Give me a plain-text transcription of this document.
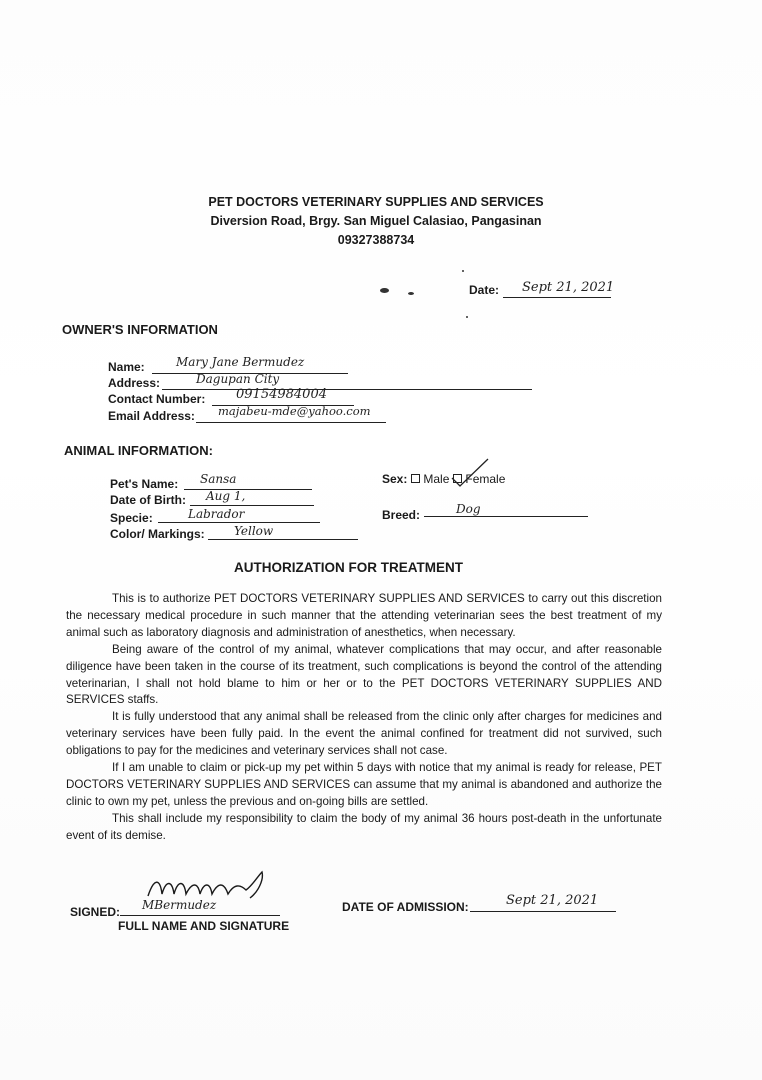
PET DOCTORS VETERINARY SUPPLIES AND SERVICES
Diversion Road, Brgy. San Miguel Calasiao, Pangasinan
09327388734
Date: Sept 21, 2021
OWNER'S INFORMATION
Name:	Mary Jane Bermudez
Address:	Dagupan City
Contact Number: 09154984004
Email Address: majabeu-mde@yahoo.com
ANIMAL INFORMATION:
Pet's Name: Sansa
Date of Birth: Aug 1,
Specie:	Labrador
Color/ Markings: Yellow
Sex: Male Female
Breed:	Dog
AUTHORIZATION FOR TREATMENT

This is to authorize PET DOCTORS VETERINARY SUPPLIES AND SERVICES to carry out this discretion the necessary medical procedure in such manner that the attending veterinarian sees the best treatment of my animal such as laboratory diagnosis and administration of anesthetics, when necessary.

Being aware of the control of my animal, whatever complications that may occur, and after reasonable diligence have been taken in the course of its treatment, such complications is beyond the control of the attending veterinarian, I shall not hold blame to him or her or to the PET DOCTORS VETERINARY SUPPLIES AND SERVICES staffs.

It is fully understood that any animal shall be released from the clinic only after charges for medicines and veterinary services have been fully paid. In the event the animal confined for treatment did not survived, such obligations to pay for the medicines and veterinary services shall not case.

If I am unable to claim or pick-up my pet within 5 days with notice that my animal is ready for release, PET DOCTORS VETERINARY SUPPLIES AND SERVICES can assume that my animal is abandoned and authorize the clinic to own my pet, unless the previous and on-going bills are settled.

This shall include my responsibility to claim the body of my animal 36 hours post-death in the unfortunate event of its demise.

SIGNED: MBermudez
FULL NAME AND SIGNATURE
DATE OF ADMISSION:	Sept 21, 2021
